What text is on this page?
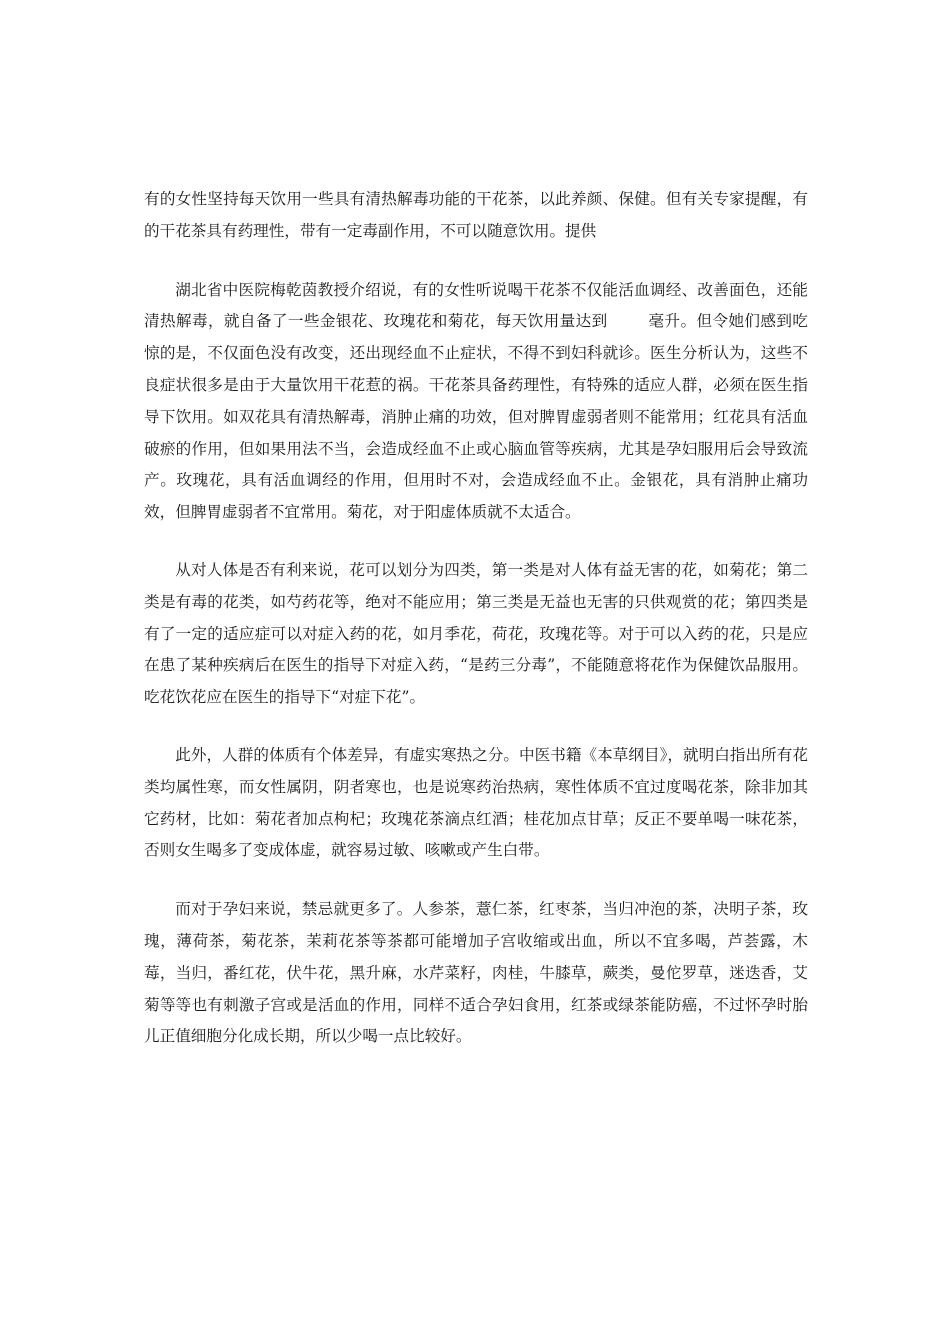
有的女性坚持每天饮用一些具有清热解毒功能的干花茶，以此养颜、保健。但有关专家提醒，有的干花茶具有药理性，带有一定毒副作用，不可以随意饮用。提供

湖北省中医院梅乾茵教授介绍说，有的女性听说喝干花茶不仅能活血调经、改善面色，还能清热解毒，就自备了一些金银花、玫瑰花和菊花，每天饮用量达到	毫升。但令她们感到吃惊的是，不仅面色没有改变，还出现经血不止症状，不得不到妇科就诊。医生分析认为，这些不良症状很多是由于大量饮用干花惹的祸。干花茶具备药理性，有特殊的适应人群，必须在医生指导下饮用。如双花具有清热解毒，消肿止痛的功效，但对脾胃虚弱者则不能常用；红花具有活血破瘀的作用，但如果用法不当，会造成经血不止或心脑血管等疾病，尤其是孕妇服用后会导致流产。玫瑰花，具有活血调经的作用，但用时不对，会造成经血不止。金银花，具有消肿止痛功效，但脾胃虚弱者不宜常用。菊花，对于阳虚体质就不太适合。

从对人体是否有利来说，花可以划分为四类，第一类是对人体有益无害的花，如菊花；第二类是有毒的花类，如芍药花等，绝对不能应用；第三类是无益也无害的只供观赏的花；第四类是有了一定的适应症可以对症入药的花，如月季花，荷花，玫瑰花等。对于可以入药的花，只是应在患了某种疾病后在医生的指导下对症入药，“是药三分毒”，不能随意将花作为保健饮品服用。吃花饮花应在医生的指导下“对症下花”。

此外，人群的体质有个体差异，有虚实寒热之分。中医书籍《本草纲目》，就明白指出所有花类均属性寒，而女性属阴，阴者寒也，也是说寒药治热病，寒性体质不宜过度喝花茶，除非加其它药材，比如：菊花者加点枸杞；玫瑰花茶滴点红酒；桂花加点甘草；反正不要单喝一味花茶，否则女生喝多了变成体虚，就容易过敏、咳嗽或产生白带。

而对于孕妇来说，禁忌就更多了。人参茶，薏仁茶，红枣茶，当归冲泡的茶，决明子茶，玫瑰，薄荷茶，菊花茶，茉莉花茶等茶都可能增加子宫收缩或出血，所以不宜多喝，芦荟露，木莓，当归，番红花，伏牛花，黑升麻，水芹菜籽，肉桂，牛膝草，蕨类，曼佗罗草，迷迭香，艾菊等等也有刺激子宫或是活血的作用，同样不适合孕妇食用，红茶或绿茶能防癌，不过怀孕时胎儿正值细胞分化成长期，所以少喝一点比较好。
